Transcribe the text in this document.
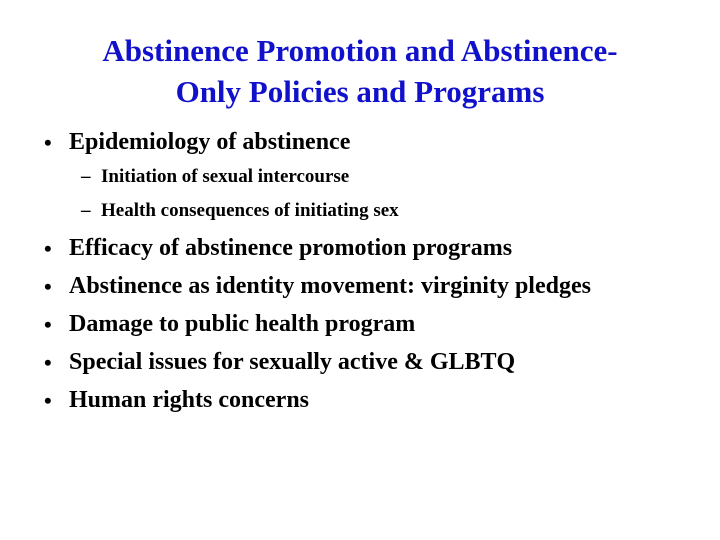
Abstinence Promotion and Abstinence-
Only Policies and Programs
• Epidemiology of abstinence
– Initiation of sexual intercourse
– Health consequences of initiating sex
• Efficacy of abstinence promotion programs
• Abstinence as identity movement: virginity pledges
• Damage to public health program
• Special issues for sexually active & GLBTQ
• Human rights concerns
